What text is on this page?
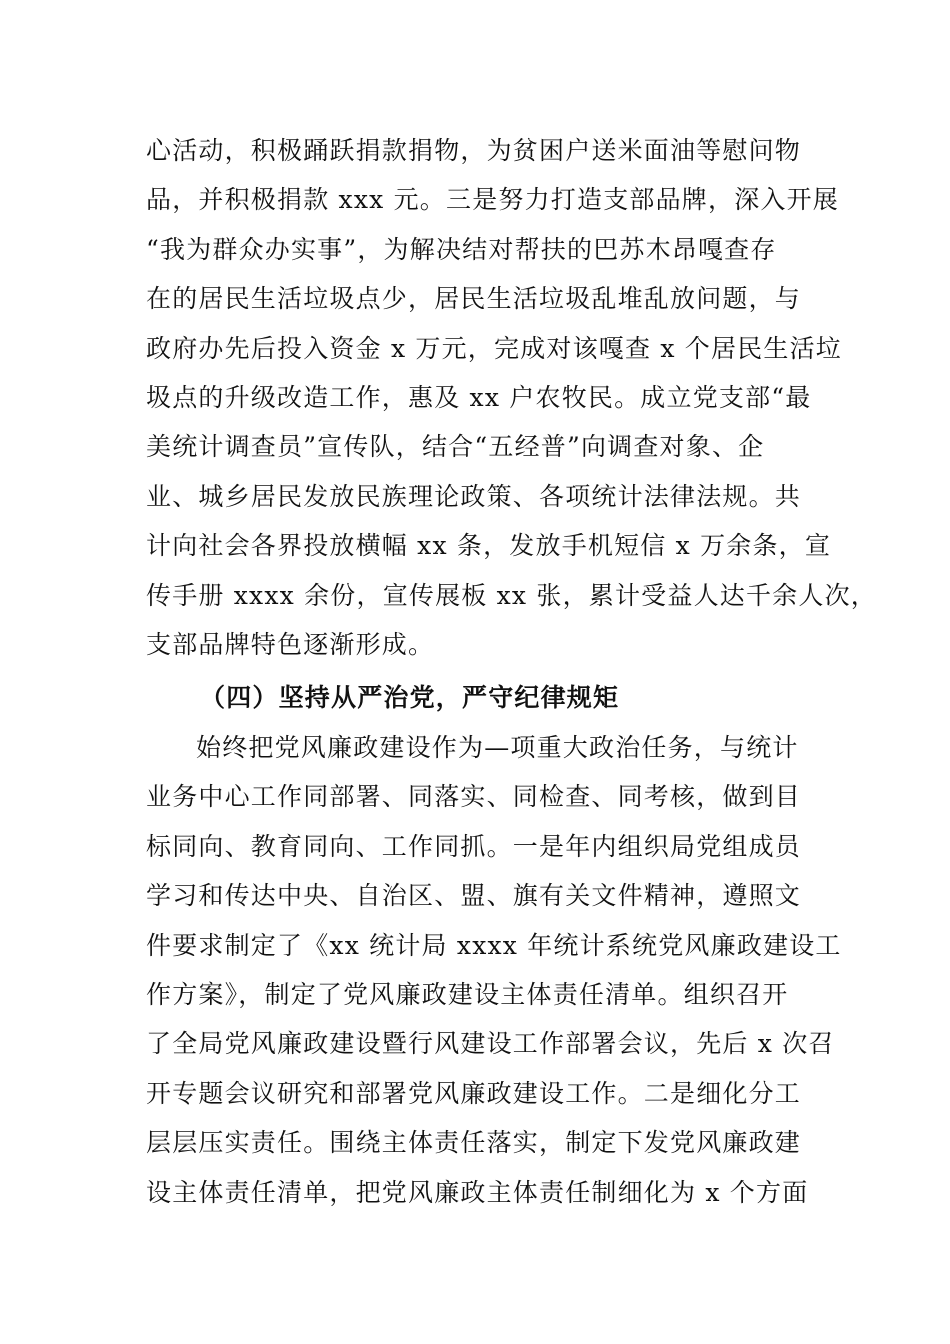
心活动，积极踊跃捐款捐物，为贫困户送米面油等慰问物
品，并积极捐款 xxx 元。三是努力打造支部品牌，深入开展
“我为群众办实事”，为解决结对帮扶的巴苏木昂嘎查存
在的居民生活垃圾点少，居民生活垃圾乱堆乱放问题，与
政府办先后投入资金 x 万元，完成对该嘎查 x 个居民生活垃
圾点的升级改造工作，惠及 xx 户农牧民。成立党支部“最
美统计调查员”宣传队，结合“五经普”向调查对象、企
业、城乡居民发放民族理论政策、各项统计法律法规。共
计向社会各界投放横幅 xx 条，发放手机短信 x 万余条，宣
传手册 xxxx 余份，宣传展板 xx 张，累计受益人达千余人次，
支部品牌特色逐渐形成。
（四）坚持从严治党，严守纪律规矩
始终把党风廉政建设作为—项重大政治任务，与统计
业务中心工作同部署、同落实、同检查、同考核，做到目
标同向、教育同向、工作同抓。一是年内组织局党组成员
学习和传达中央、自治区、盟、旗有关文件精神，遵照文
件要求制定了《xx 统计局 xxxx 年统计系统党风廉政建设工
作方案》，制定了党风廉政建设主体责任清单。组织召开
了全局党风廉政建设暨行风建设工作部署会议，先后 x 次召
开专题会议研究和部署党风廉政建设工作。二是细化分工
层层压实责任。围绕主体责任落实，制定下发党风廉政建
设主体责任清单，把党风廉政主体责任制细化为 x 个方面
